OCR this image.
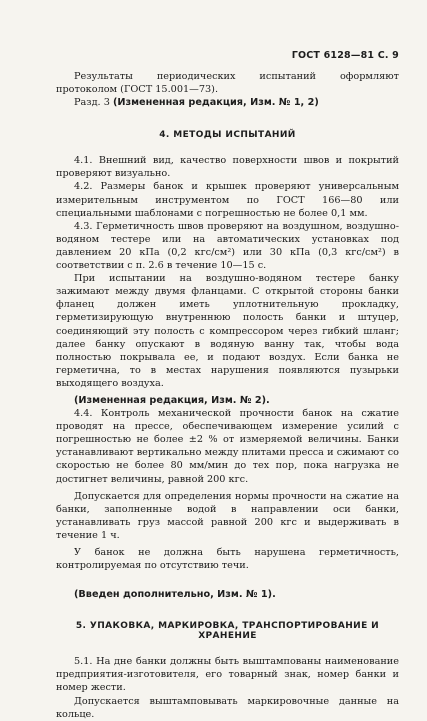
ГОСТ 6128—81 С. 9

Результаты периодических испытаний оформляют протоколом (ГОСТ 15.001—73).

Разд. 3 (Измененная редакция, Изм. № 1, 2)

4. МЕТОДЫ ИСПЫТАНИЙ

4.1. Внешний вид, качество поверхности швов и покрытий проверяют визуально.

4.2. Размеры банок и крышек проверяют универсальным измерительным инструментом по ГОСТ 166—80 или специальными шаблонами с погрешностью не более 0,1 мм.

4.3. Герметичность швов проверяют на воздушном, воздушно-водяном тестере или на автоматических установках под давлением 20 кПа (0,2 кгс/см²) или 30 кПа (0,3 кгс/см²) в соответствии с п. 2.6 в течение 10—15 с.

При испытании на воздушно-водяном тестере банку зажимают между двумя фланцами. С открытой стороны банки фланец должен иметь уплотнительную прокладку, герметизирующую внутреннюю полость банки и штуцер, соединяющий эту полость с компрессором через гибкий шланг; далее банку опускают в водяную ванну так, чтобы вода полностью покрывала ее, и подают воздух. Если банка не герметична, то в местах нарушения появляются пузырьки выходящего воздуха.

(Измененная редакция, Изм. № 2).

4.4. Контроль механической прочности банок на сжатие проводят на прессе, обеспечивающем измерение усилий с погрешностью не более ±2 % от измеряемой величины. Банки устанавливают вертикально между плитами пресса и сжимают со скоростью не более 80 мм/мин до тех пор, пока нагрузка не достигнет величины, равной 200 кгс.

Допускается для определения нормы прочности на сжатие на банки, заполненные водой в направлении оси банки, устанавливать груз массой равной 200 кгс и выдерживать в течение 1 ч.

У банок не должна быть нарушена герметичность, контролируемая по отсутствию течи.

(Введен дополнительно, Изм. № 1).

5. УПАКОВКА, МАРКИРОВКА, ТРАНСПОРТИРОВАНИЕ И ХРАНЕНИЕ

5.1. На дне банки должны быть выштампованы наименование предприятия-изготовителя, его товарный знак, номер банки и номер жести.

Допускается выштамповывать маркировочные данные на кольце.
